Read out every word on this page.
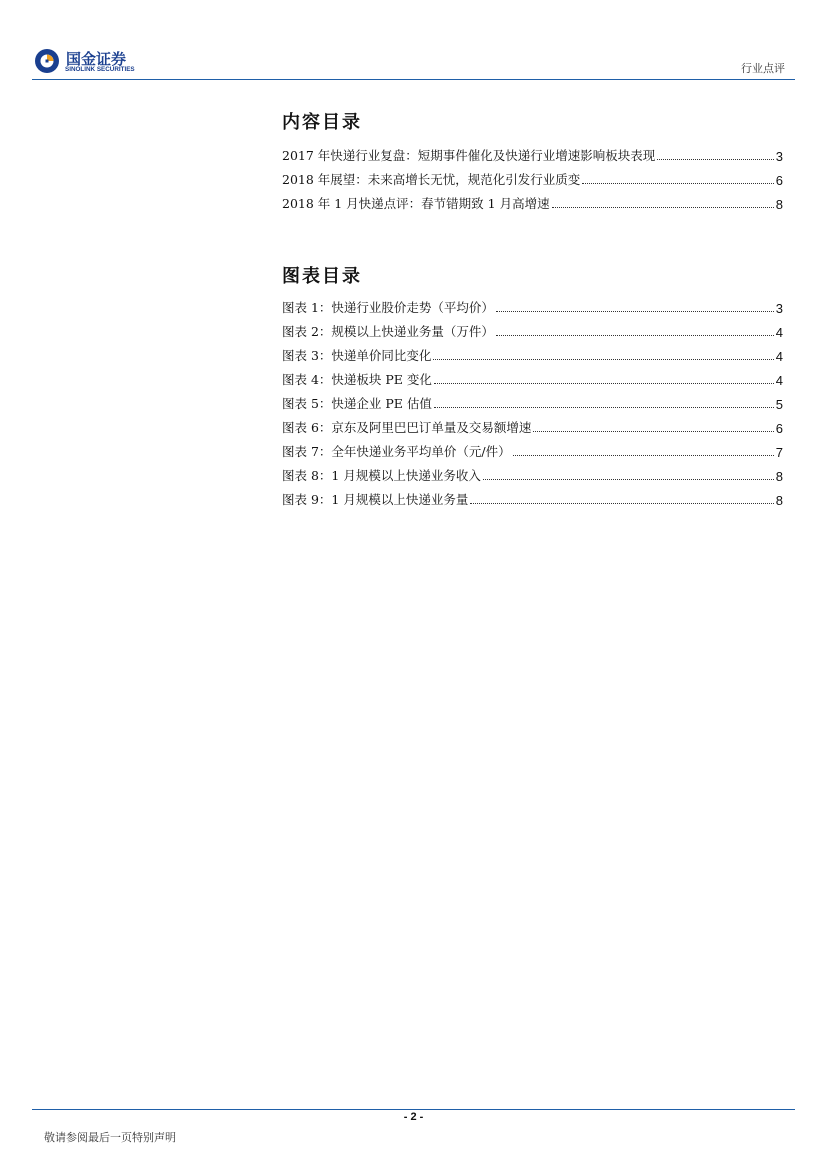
国金证券
SINOLINK SECURITIES	行业点评
内容目录
2017 年快递行业复盘：短期事件催化及快递行业增速影响板块表现	3
2018 年展望：未来高增长无忧，规范化引发行业质变	6
2018 年 1 月快递点评：春节错期致 1 月高增速	8
图表目录
图表 1：快递行业股价走势（平均价）	3
图表 2：规模以上快递业务量（万件）	4
图表 3：快递单价同比变化	4
图表 4：快递板块 PE 变化	4
图表 5：快递企业 PE 估值	5
图表 6：京东及阿里巴巴订单量及交易额增速	6
图表 7：全年快递业务平均单价（元/件）	7
图表 8：1 月规模以上快递业务收入	8
图表 9：1 月规模以上快递业务量	8
- 2 -
敬请参阅最后一页特别声明
